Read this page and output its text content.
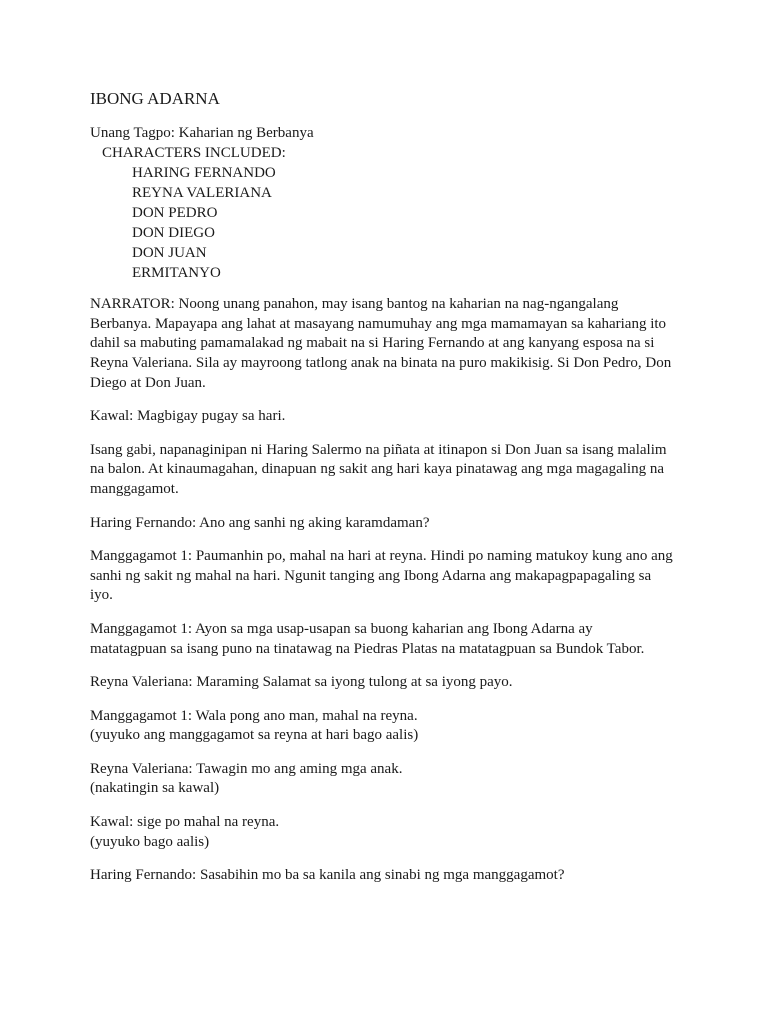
IBONG ADARNA

Unang Tagpo: Kaharian ng Berbanya

CHARACTERS INCLUDED:

HARING FERNANDO
REYNA VALERIANA
DON PEDRO
DON DIEGO
DON JUAN
ERMITANYO

NARRATOR: Noong unang panahon, may isang bantog na kaharian na nag-ngangalang
Berbanya. Mapayapa ang lahat at masayang namumuhay ang mga mamamayan sa kahariang ito
dahil sa mabuting pamamalakad ng mabait na si Haring Fernando at ang kanyang esposa na si
Reyna Valeriana. Sila ay mayroong tatlong anak na binata na puro makikisig. Si Don Pedro, Don
Diego at Don Juan.

Kawal: Magbigay pugay sa hari.

Isang gabi, napanaginipan ni Haring Salermo na piñata at itinapon si Don Juan sa isang malalim
na balon. At kinaumagahan, dinapuan ng sakit ang hari kaya pinatawag ang mga magagaling na
manggagamot.

Haring Fernando: Ano ang sanhi ng aking karamdaman?

Manggagamot 1: Paumanhin po, mahal na hari at reyna. Hindi po naming matukoy kung ano ang
sanhi ng sakit ng mahal na hari. Ngunit tanging ang Ibong Adarna ang makapagpapagaling sa
iyo.

Manggagamot 1: Ayon sa mga usap-usapan sa buong kaharian ang Ibong Adarna ay
matatagpuan sa isang puno na tinatawag na Piedras Platas na matatagpuan sa Bundok Tabor.

Reyna Valeriana: Maraming Salamat sa iyong tulong at sa iyong payo.

Manggagamot 1: Wala pong ano man, mahal na reyna.
(yuyuko ang manggagamot sa reyna at hari bago aalis)

Reyna Valeriana: Tawagin mo ang aming mga anak.
(nakatingin sa kawal)

Kawal: sige po mahal na reyna.
(yuyuko bago aalis)

Haring Fernando: Sasabihin mo ba sa kanila ang sinabi ng mga manggagamot?
